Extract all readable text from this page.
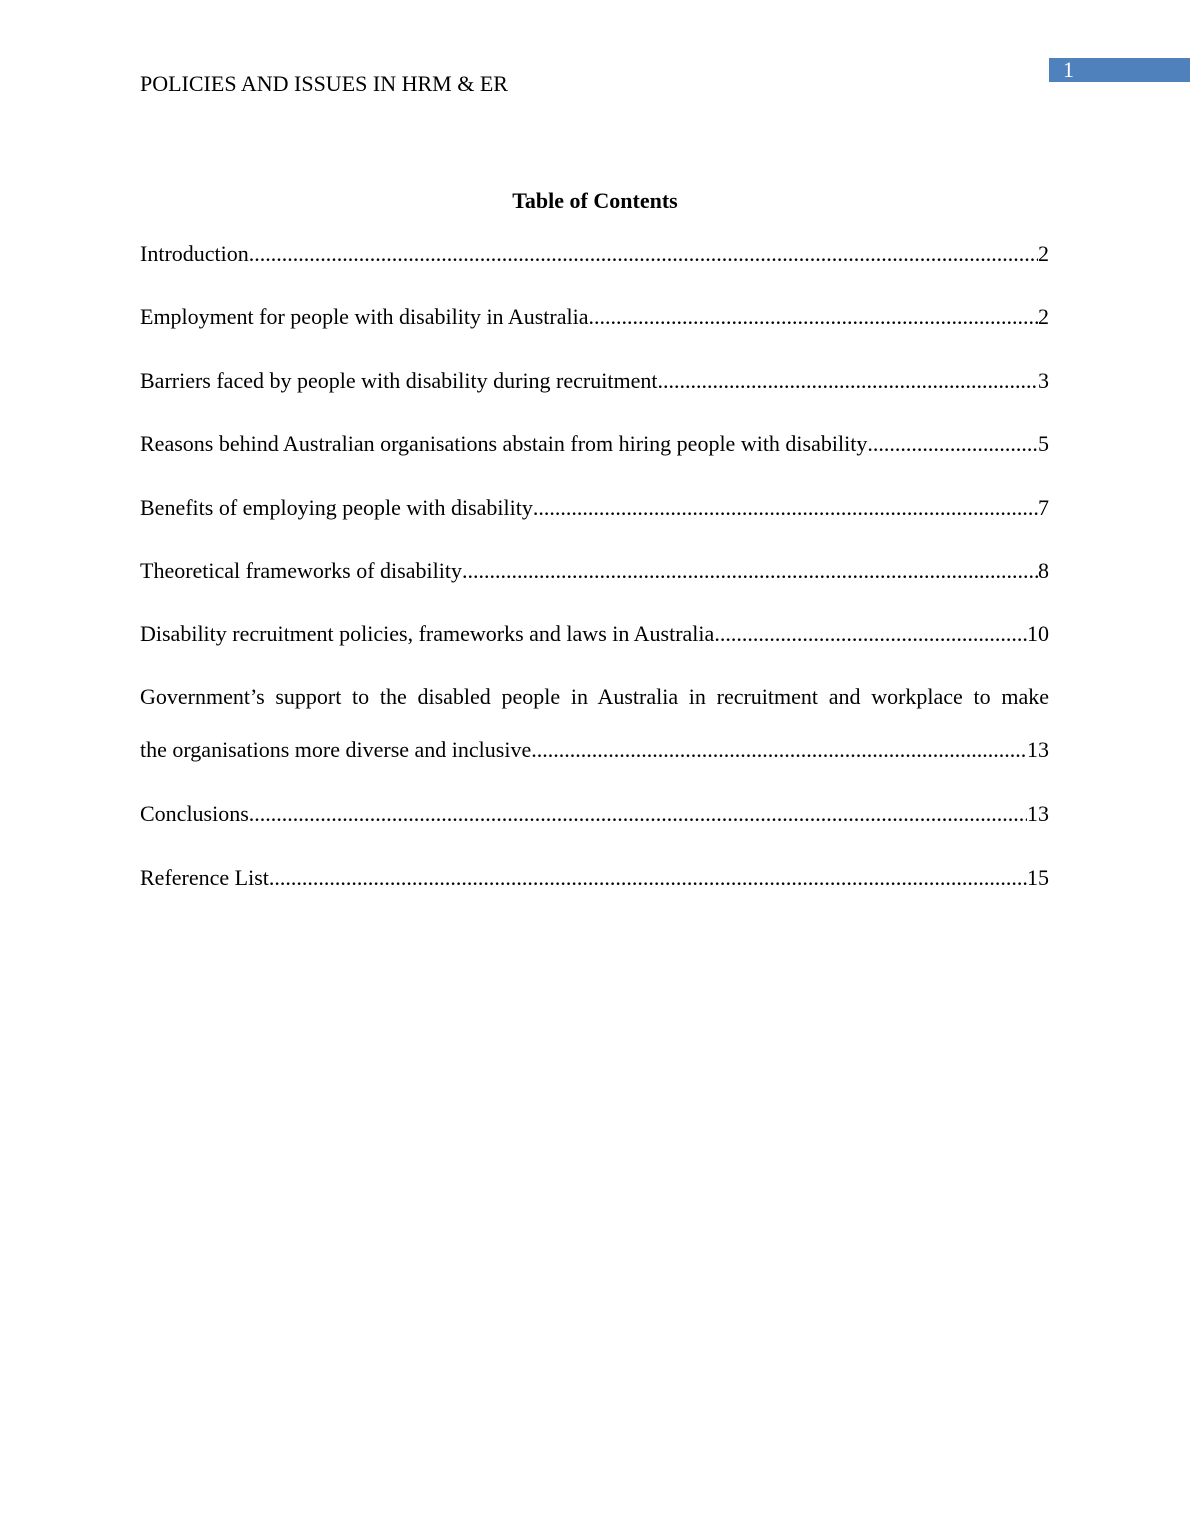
1
POLICIES AND ISSUES IN HRM & ER
Table of Contents
Introduction .....	2
Employment for people with disability in Australia .....	2
Barriers faced by people with disability during recruitment .....	3
Reasons behind Australian organisations abstain from hiring people with disability .....	5
Benefits of employing people with disability .....	7
Theoretical frameworks of disability .....	8
Disability recruitment policies, frameworks and laws in Australia .....	10
Government’s support to the disabled people in Australia in recruitment and workplace to make
the organisations more diverse and inclusive .....	13
Conclusions .....	13
Reference List .....	15
